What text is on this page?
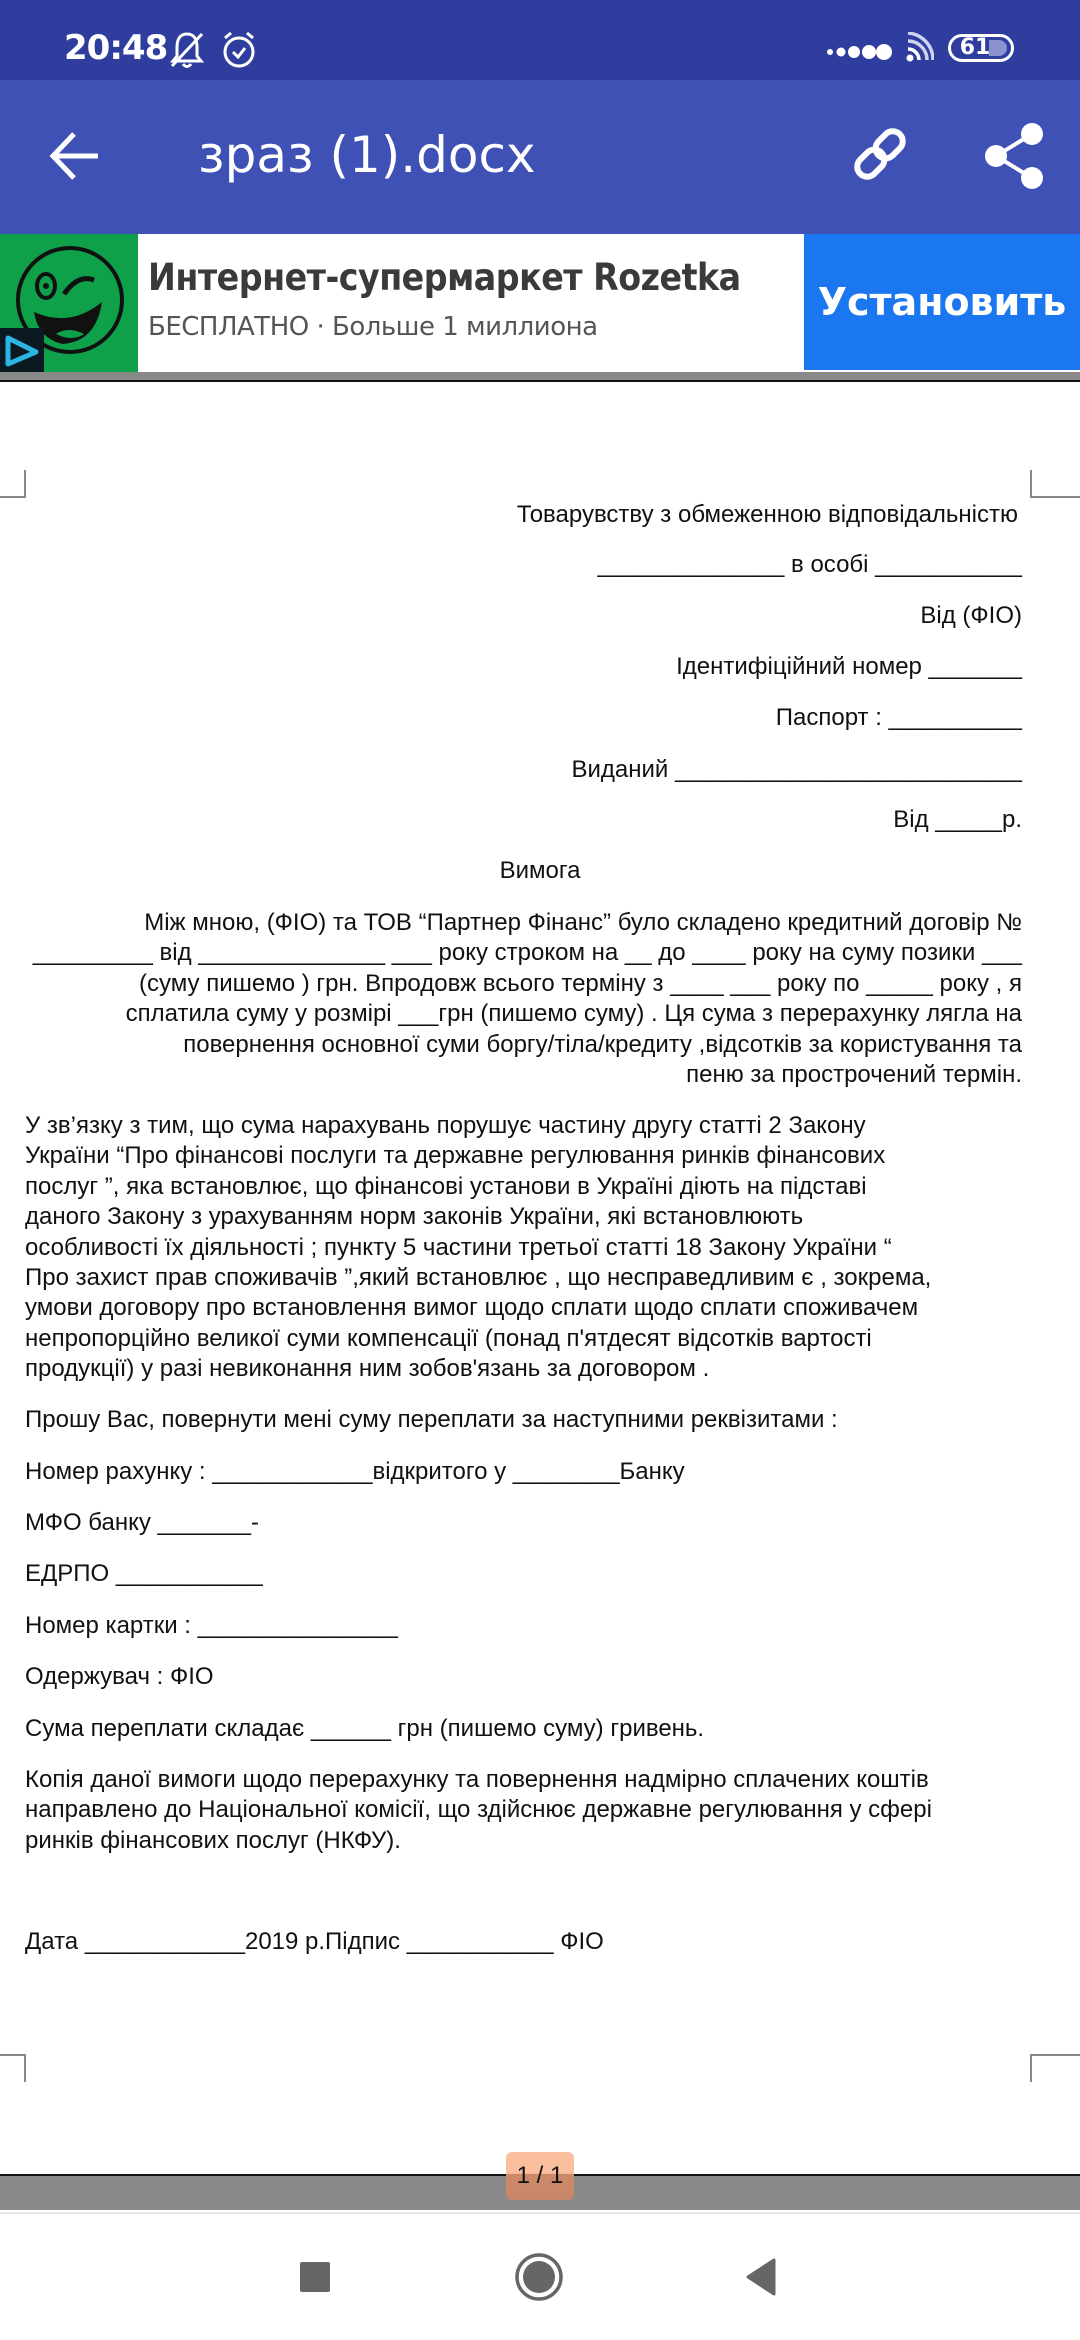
20:48	61
зраз (1).docx
Интернет-супермаркет Rozetka
БЕСПЛАТНО · Больше 1 миллиона
Установить
Товарувству з обмеженною відповідальністю
______________ в особі ___________
Від (ФІО)
Ідентифіційний номер _______
Паспорт : __________
Виданий __________________________
Від _____р.
Вимога
Між мною, (ФІО) та ТОВ “Партнер Фінанс” було складено кредитний договір №
_________ від ______________ ___ року строком на __ до ____ року на суму позики ___
(суму пишемо ) грн. Впродовж всього терміну з ____ ___ року по _____ року , я
сплатила суму у розмірі ___грн (пишемо суму) . Ця сума з перерахунку лягла на
повернення основної суми боргу/тіла/кредиту ,відсотків за користування та
пеню за прострочений термін.
У зв’язку з тим, що сума нарахувань порушує частину другу статті 2 Закону
України “Про фінансові послуги та державне регулювання ринків фінансових
послуг ”, яка встановлює, що фінансові установи в Україні діють на підставі
даного Закону з урахуванням норм законів України, які встановлюють
особливості їх діяльності ; пункту 5 частини третьої статті 18 Закону України “
Про захист прав споживачів ”,який встановлює , що несправедливим є , зокрема,
умови договору про встановлення вимог щодо сплати щодо сплати споживачем
непропорційно великої суми компенсації (понад п'ятдесят відсотків вартості
продукції) у разі невиконання ним зобов'язань за договором .
Прошу Вас, повернути мені суму переплати за наступними реквізитами :
Номер рахунку : ____________відкритого у ________Банку
МФО банку _______-
ЕДРПО ___________
Номер картки : _______________
Одержувач : ФІО
Сума переплати складає ______ грн (пишемо суму) гривень.
Копія даної вимоги щодо перерахунку та повернення надмірно сплачених коштів
направлено до Національної комісії, що здійснює державне регулювання у сфері
ринків фінансових послуг (НКФУ).
Дата ____________2019 р.Підпис ___________ ФІО
1 / 1
